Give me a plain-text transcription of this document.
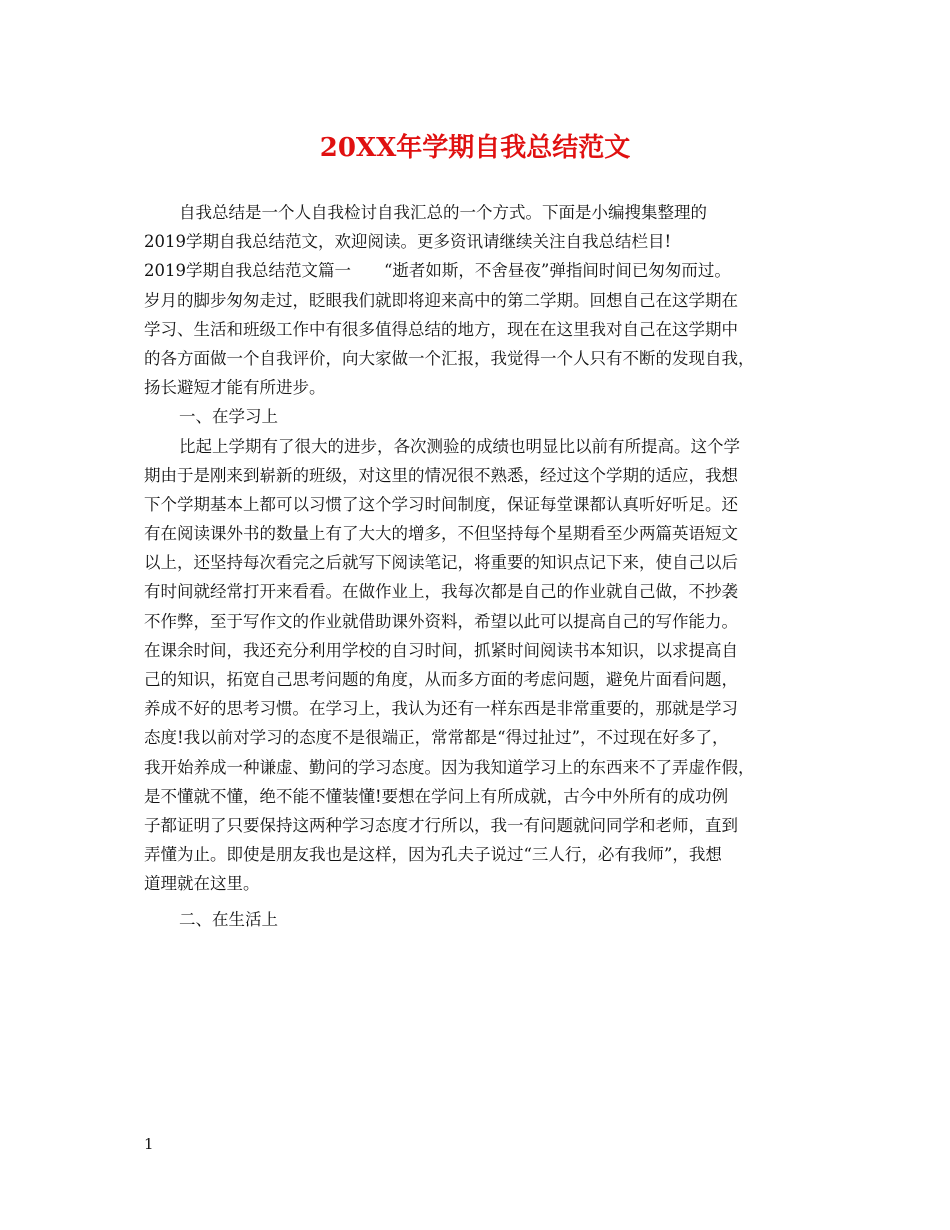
20XX年学期自我总结范文
自我总结是一个人自我检讨自我汇总的一个方式。下面是小编搜集整理的
2019学期自我总结范文，欢迎阅读。更多资讯请继续关注自我总结栏目!
2019学期自我总结范文篇一　　“逝者如斯，不舍昼夜”弹指间时间已匆匆而过。
岁月的脚步匆匆走过，眨眼我们就即将迎来高中的第二学期。回想自己在这学期在
学习、生活和班级工作中有很多值得总结的地方，现在在这里我对自己在这学期中
的各方面做一个自我评价，向大家做一个汇报，我觉得一个人只有不断的发现自我，
扬长避短才能有所进步。
一、在学习上
比起上学期有了很大的进步，各次测验的成绩也明显比以前有所提高。这个学
期由于是刚来到崭新的班级，对这里的情况很不熟悉，经过这个学期的适应，我想
下个学期基本上都可以习惯了这个学习时间制度，保证每堂课都认真听好听足。还
有在阅读课外书的数量上有了大大的增多，不但坚持每个星期看至少两篇英语短文
以上，还坚持每次看完之后就写下阅读笔记，将重要的知识点记下来，使自己以后
有时间就经常打开来看看。在做作业上，我每次都是自己的作业就自己做，不抄袭
不作弊，至于写作文的作业就借助课外资料，希望以此可以提高自己的写作能力。
在课余时间，我还充分利用学校的自习时间，抓紧时间阅读书本知识，以求提高自
己的知识，拓宽自己思考问题的角度，从而多方面的考虑问题，避免片面看问题，
养成不好的思考习惯。在学习上，我认为还有一样东西是非常重要的，那就是学习
态度!我以前对学习的态度不是很端正，常常都是“得过扯过”，不过现在好多了，
我开始养成一种谦虚、勤问的学习态度。因为我知道学习上的东西来不了弄虚作假，
是不懂就不懂，绝不能不懂装懂!要想在学问上有所成就，古今中外所有的成功例
子都证明了只要保持这两种学习态度才行所以，我一有问题就问同学和老师，直到
弄懂为止。即使是朋友我也是这样，因为孔夫子说过“三人行，必有我师”，我想
道理就在这里。
二、在生活上
1
